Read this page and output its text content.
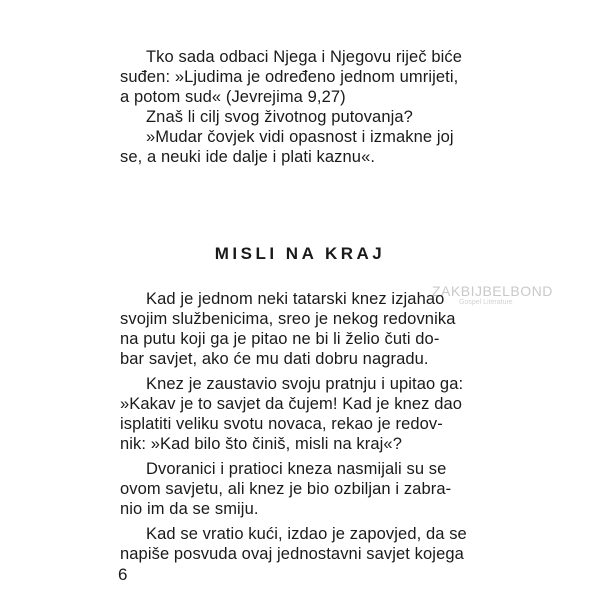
Tko sada odbaci Njega i Njegovu riječ biće
suđen: »Ljudima je određeno jednom umrijeti,
a potom sud« (Jevrejima 9,27)
Znaš li cilj svog životnog putovanja?
»Mudar čovjek vidi opasnost i izmakne joj
se, a neuki ide dalje i plati kaznu«.
MISLI NA KRAJ
ZAKBIJBELBOND
Gospel Literature
Kad je jednom neki tatarski knez izjahao
svojim službenicima, sreo je nekog redovnika
na putu koji ga je pitao ne bi li želio čuti do-
bar savjet, ako će mu dati dobru nagradu.
Knez je zaustavio svoju pratnju i upitao ga:
»Kakav je to savjet da čujem! Kad je knez dao
isplatiti veliku svotu novaca, rekao je redov-
nik: »Kad bilo što činiš, misli na kraj«?
Dvoranici i pratioci kneza nasmijali su se
ovom savjetu, ali knez je bio ozbiljan i zabra-
nio im da se smiju.
Kad se vratio kući, izdao je zapovjed, da se
napiše posvuda ovaj jednostavni savjet kojega
6
